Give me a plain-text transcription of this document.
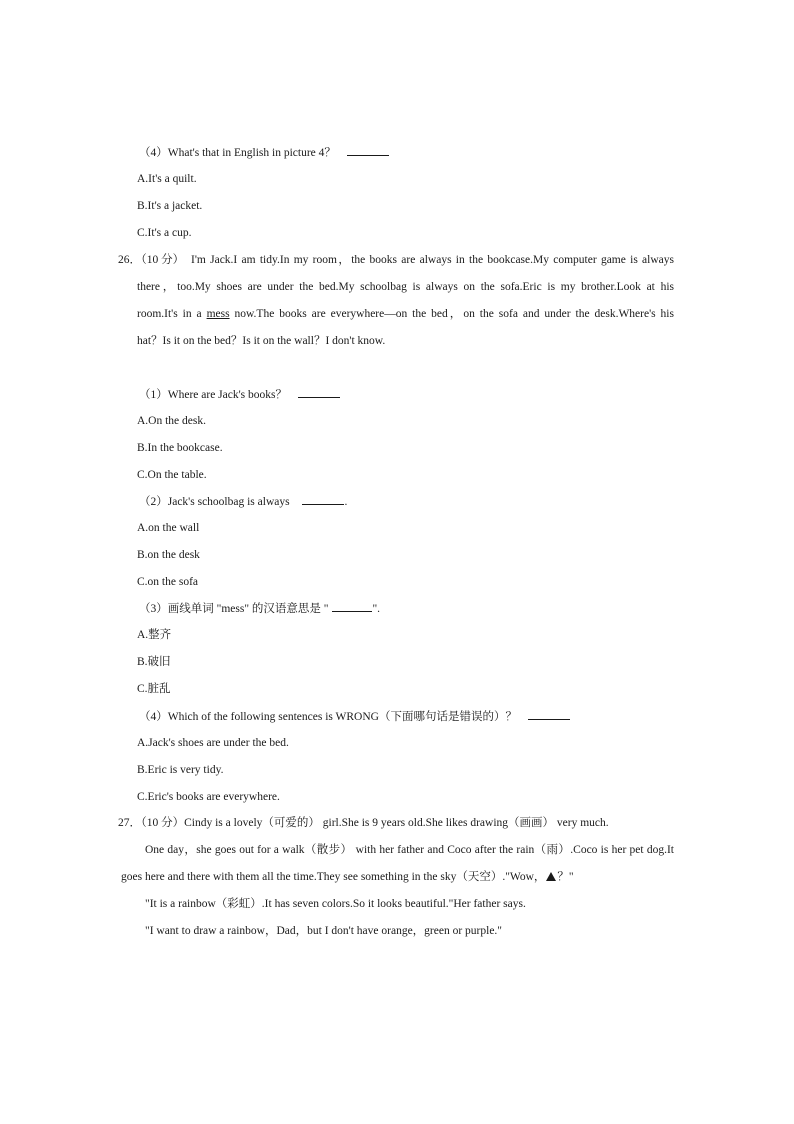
（4）What's that in English in picture 4？
A.It's a quilt.
B.It's a jacket.
C.It's a cup.
26．（10 分） I'm Jack.I am tidy.In my room，the books are always in the bookcase.My computer game is always
there，too.My shoes are under the bed.My schoolbag is always on the sofa.Eric is my brother.Look at his
room.It's in a mess now.The books are everywhere—on the bed，on the sofa and under the desk.Where's his
hat？Is it on the bed？Is it on the wall？I don't know.
（1）Where are Jack's books？
A.On the desk.
B.In the bookcase.
C.On the table.
（2）Jack's schoolbag is always	.
A.on the wall
B.on the desk
C.on the sofa
（3）画线单词 "mess" 的汉语意思是 "	".
A.整齐
B.破旧
C.脏乱
（4）Which of the following sentences is WRONG（下面哪句话是错误的）？
A.Jack's shoes are under the bed.
B.Eric is very tidy.
C.Eric's books are everywhere.
27．（10 分）Cindy is a lovely（可爱的） girl.She is 9 years old.She likes drawing（画画） very much.
One day，she goes out for a walk（散步） with her father and Coco after the rain（雨）.Coco is her pet dog.It
goes here and there with them all the time.They see something in the sky（天空）."Wow， ？"
"It is a rainbow（彩虹）.It has seven colors.So it looks beautiful."Her father says.
"I want to draw a rainbow，Dad，but I don't have orange，green or purple."
